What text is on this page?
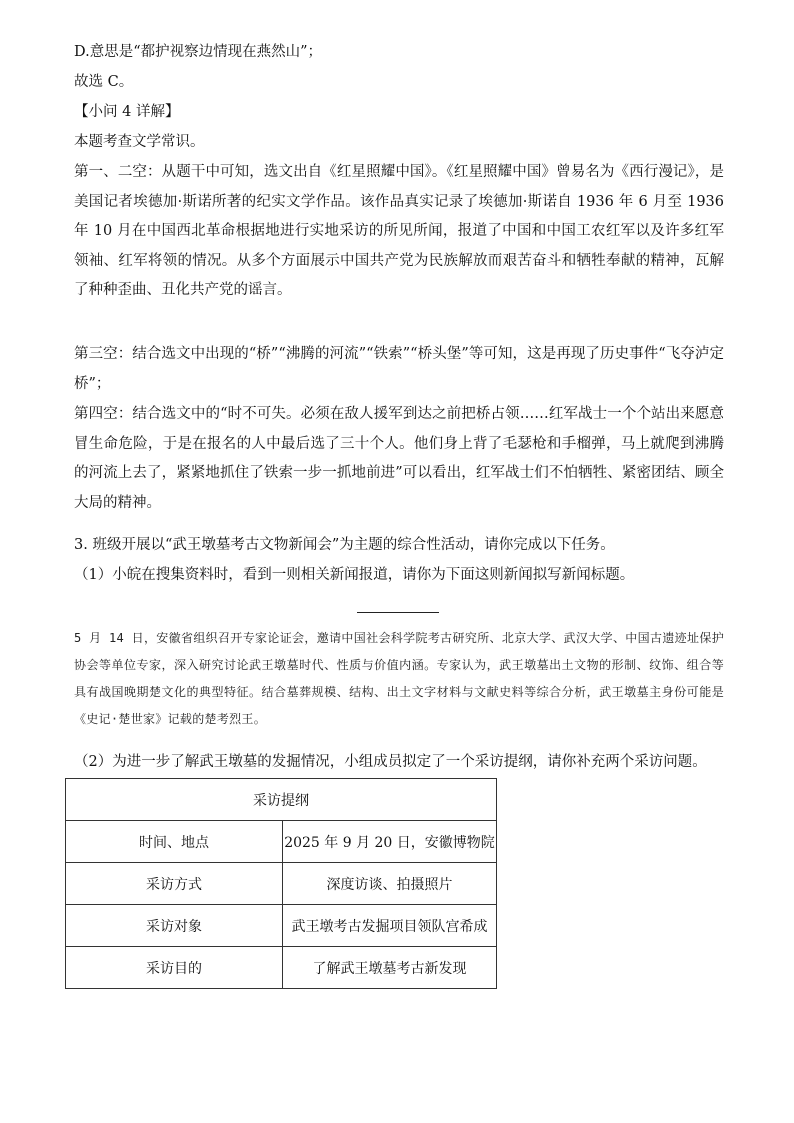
D.意思是“都护视察边情现在燕然山”；
故选 C。
【小问 4 详解】
本题考查文学常识。
第一、二空：从题干中可知，选文出自《红星照耀中国》。《红星照耀中国》曾易名为《西行漫记》，是美国记者埃德加·斯诺所著的纪实文学作品。该作品真实记录了埃德加·斯诺自 1936 年 6 月至 1936 年 10 月在中国西北革命根据地进行实地采访的所见所闻，报道了中国和中国工农红军以及许多红军领袖、红军将领的情况。从多个方面展示中国共产党为民族解放而艰苦奋斗和牺牲奉献的精神，瓦解了种种歪曲、丑化共产党的谣言。
第三空：结合选文中出现的“桥”“沸腾的河流”“铁索”“桥头堡”等可知，这是再现了历史事件“飞夺泸定桥”；
第四空：结合选文中的“时不可失。必须在敌人援军到达之前把桥占领……红军战士一个个站出来愿意冒生命危险，于是在报名的人中最后选了三十个人。他们身上背了毛瑟枪和手榴弹，马上就爬到沸腾的河流上去了，紧紧地抓住了铁索一步一抓地前进”可以看出，红军战士们不怕牺牲、紧密团结、顾全大局的精神。
3. 班级开展以“武王墩墓考古文物新闻会”为主题的综合性活动，请你完成以下任务。
（1）小皖在搜集资料时，看到一则相关新闻报道，请你为下面这则新闻拟写新闻标题。
5 月 14 日，安徽省组织召开专家论证会，邀请中国社会科学院考古研究所、北京大学、武汉大学、中国古遗迹址保护协会等单位专家，深入研究讨论武王墩墓时代、性质与价值内涵。专家认为，武王墩墓出土文物的形制、纹饰、组合等具有战国晚期楚文化的典型特征。结合墓葬规模、结构、出土文字材料与文献史料等综合分析，武王墩墓主身份可能是《史记·楚世家》记载的楚考烈王。
（2）为进一步了解武王墩墓的发掘情况，小组成员拟定了一个采访提纲，请你补充两个采访问题。
采访提纲	
时间、地点	2025 年 9 月 20 日，安徽博物院
采访方式	深度访谈、拍摄照片
采访对象	武王墩考古发掘项目领队宫希成
采访目的	了解武王墩墓考古新发现
